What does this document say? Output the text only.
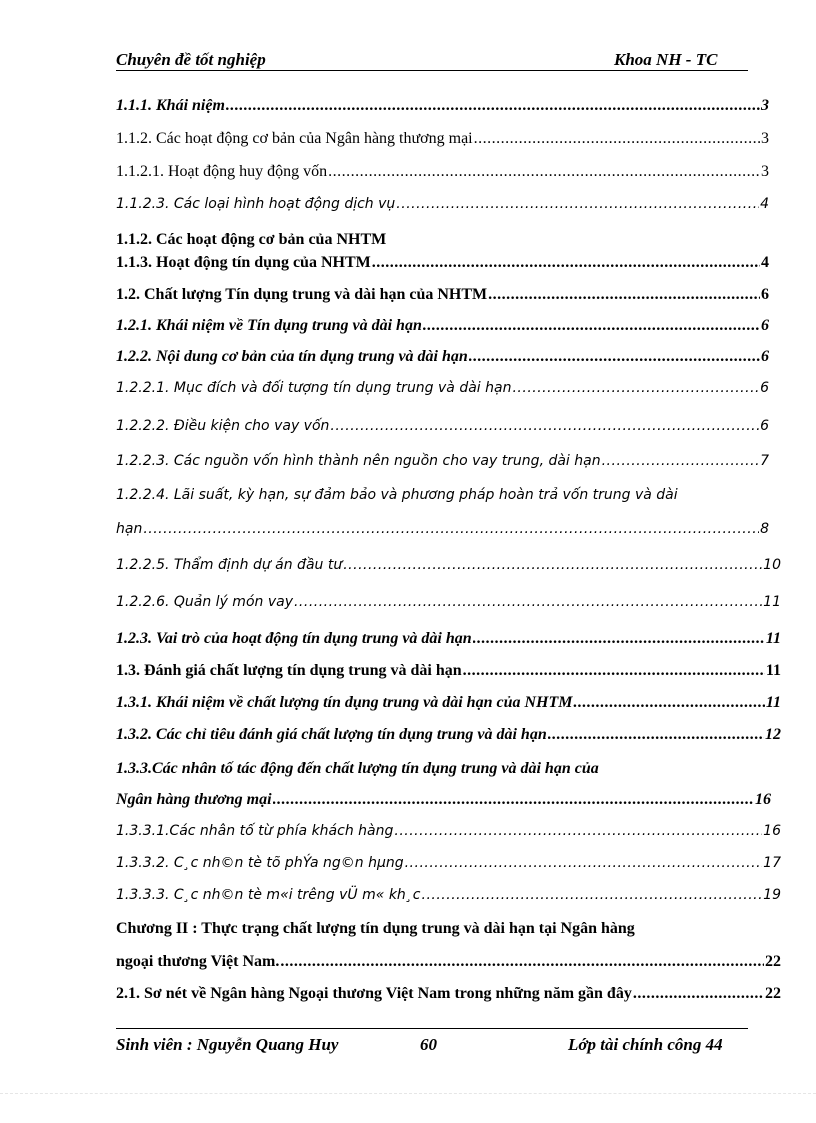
Chuyên đề tốt nghiệp	Khoa NH - TC
1.1.1. Khái niệm .....	3
1.1.2. Các hoạt động cơ bản của Ngân hàng thương mại .....	3
1.1.2.1. Hoạt động huy động vốn .....	3
1.1.2.3. Các loại hình hoạt động dịch vụ .....	4
1.1.2. Các hoạt động cơ bản của NHTM
1.1.3. Hoạt động tín dụng của NHTM .....	4
1.2. Chất lượng Tín dụng trung và dài hạn của NHTM .....	6
1.2.1. Khái niệm về Tín dụng trung và dài hạn .....	6
1.2.2. Nội dung cơ bản của tín dụng trung và dài hạn .....	6
1.2.2.1. Mục đích và đối tượng tín dụng trung và dài hạn .....	6
1.2.2.2. Điều kiện cho vay vốn .....	6
1.2.2.3. Các nguồn vốn hình thành nên nguồn cho vay trung, dài hạn .....	7
1.2.2.4. Lãi suất, kỳ hạn, sự đảm bảo và phương pháp hoàn trả vốn trung và dài
hạn .....	8
1.2.2.5. Thẩm định dự án đầu tư .....	10
1.2.2.6. Quản lý món vay .....	11
1.2.3. Vai trò của hoạt động tín dụng trung và dài hạn .....	11
1.3. Đánh giá chất lượng tín dụng trung và dài hạn .....	11
1.3.1. Khái niệm về chất lượng tín dụng trung và dài hạn của NHTM .....	11
1.3.2. Các chỉ tiêu đánh giá chất lượng tín dụng trung và dài hạn .....	12
1.3.3.Các nhân tố tác động đến chất lượng tín dụng trung và dài hạn của
Ngân hàng thương mại .....	16
1.3.3.1.Các nhân tố từ phía khách hàng .....	16
1.3.3.2. C¸c nh©n tè tõ phÝa ng©n hµng .....	17
1.3.3.3. C¸c nh©n tè m«i trêng vÜ m« kh¸c .....	19
Chương II : Thực trạng chất lượng tín dụng trung và dài hạn tại Ngân hàng
ngoại thương Việt Nam. .....	22
2.1. Sơ nét về Ngân hàng Ngoại thương Việt Nam trong những năm gần đây .....	22
Sinh viên : Nguyễn Quang Huy	60	Lớp tài chính công 44
